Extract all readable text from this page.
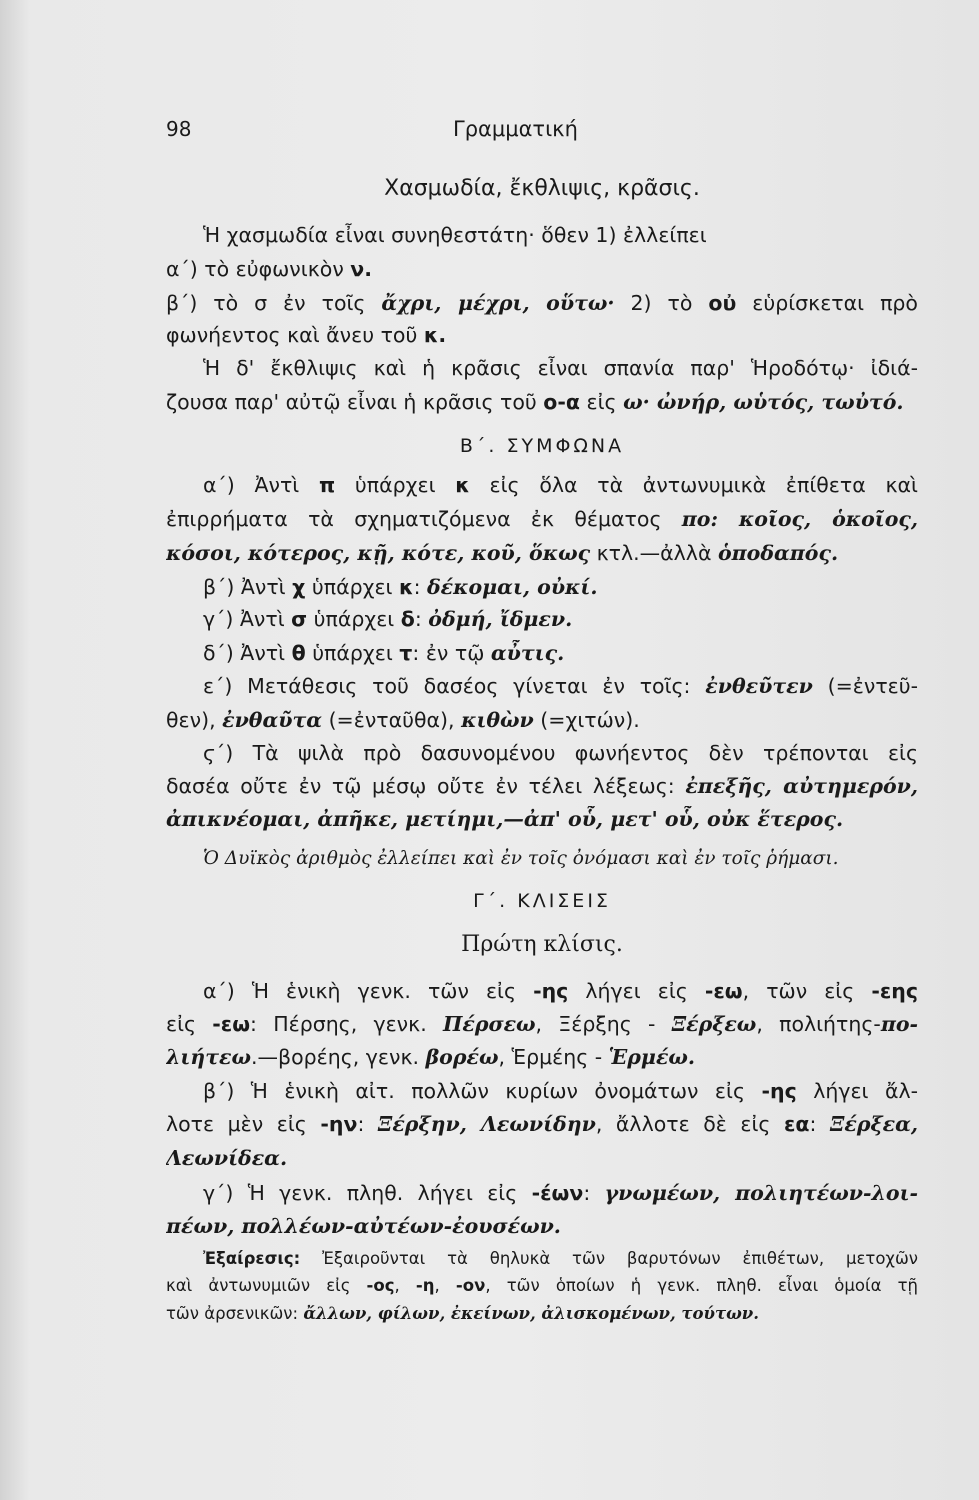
98	Γραμματική
Χασμωδία, ἔκθλιψις, κρᾶσις.
Ἡ χασμωδία εἶναι συνηθεστάτη· ὅθεν 1) ἐλλείπει
α΄) τὸ εὐφωνικὸν ν.
β΄) τὸ σ ἐν τοῖς ἄχρι, μέχρι, οὕτω· 2) τὸ οὐ εὑρίσκεται πρὸ
φωνήεντος καὶ ἄνευ τοῦ κ.
Ἡ δ' ἔκθλιψις καὶ ἡ κρᾶσις εἶναι σπανία παρ' Ἡροδότῳ· ἰδιά-
ζουσα παρ' αὐτῷ εἶναι ἡ κρᾶσις τοῦ ο-α εἰς ω· ὠνήρ, ωὑτός, τωὐτό.
Β΄. ΣΥΜΦΩΝΑ
α΄) Ἀντὶ π ὑπάρχει κ εἰς ὅλα τὰ ἀντωνυμικὰ ἐπίθετα καὶ
ἐπιρρήματα τὰ σχηματιζόμενα ἐκ θέματος πο: κοῖος, ὁκοῖος,
κόσοι, κότερος, κῇ, κότε, κοῦ, ὅκως κτλ.—ἀλλὰ ὁποδαπός.
β΄) Ἀντὶ χ ὑπάρχει κ: δέκομαι, οὐκί.
γ΄) Ἀντὶ σ ὑπάρχει δ: ὀδμή, ἴδμεν.
δ΄) Ἀντὶ θ ὑπάρχει τ: ἐν τῷ αὖτις.
ε΄) Μετάθεσις τοῦ δασέος γίνεται ἐν τοῖς: ἐνθεῦτεν (=ἐντεῦ-
θεν), ἐνθαῦτα (=ἐνταῦθα), κιθὼν (=χιτών).
ϛ΄) Τὰ ψιλὰ πρὸ δασυνομένου φωνήεντος δὲν τρέπονται εἰς
δασέα οὔτε ἐν τῷ μέσῳ οὔτε ἐν τέλει λέξεως: ἐπεξῆς, αὐτημερόν,
ἀπικνέομαι, ἀπῆκε, μετίημι,—ἀπ' οὗ, μετ' οὗ, οὐκ ἕτερος.
Ὁ Δυϊκὸς ἀριθμὸς ἐλλείπει καὶ ἐν τοῖς ὀνόμασι καὶ ἐν τοῖς ῥήμασι.
Γ΄. ΚΛΙΣΕΙΣ
Πρώτη κλίσις.
α΄) Ἡ ἑνικὴ γενκ. τῶν εἰς -ης λήγει εἰς -εω, τῶν εἰς -εης
εἰς -εω: Πέρσης, γενκ. Πέρσεω, Ξέρξης - Ξέρξεω, πολιήτης-πο-
λιήτεω.—βορέης, γενκ. βορέω, Ἑρμέης - Ἑρμέω.
β΄) Ἡ ἑνικὴ αἰτ. πολλῶν κυρίων ὀνομάτων εἰς -ης λήγει ἄλ-
λοτε μὲν εἰς -ην: Ξέρξην, Λεωνίδην, ἄλλοτε δὲ εἰς εα: Ξέρξεα,
Λεωνίδεα.
γ΄) Ἡ γενκ. πληθ. λήγει εἰς -έων: γνωμέων, πολιητέων-λοι-
πέων, πολλέων-αὐτέων-ἐουσέων.
Ἐξαίρεσις: Ἐξαιροῦνται τὰ θηλυκὰ τῶν βαρυτόνων ἐπιθέτων, μετοχῶν
καὶ ἀντωνυμιῶν εἰς -ος, -η, -ον, τῶν ὁποίων ἡ γενκ. πληθ. εἶναι ὁμοία τῇ
τῶν ἀρσενικῶν: ἄλλων, φίλων, ἐκείνων, ἀλισκομένων, τούτων.
